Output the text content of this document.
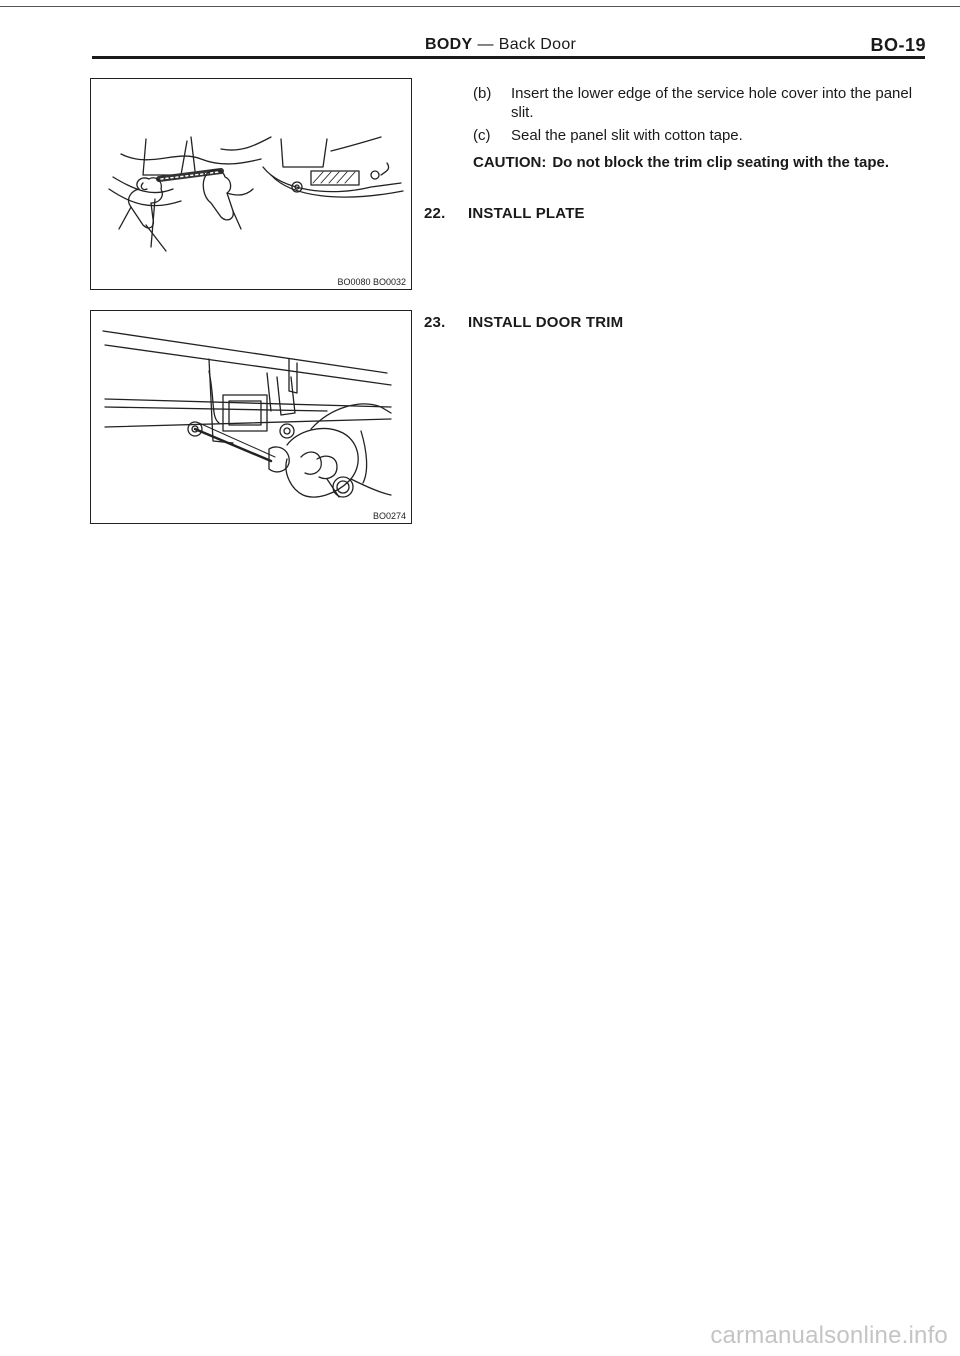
BODY — Back Door	BO-19
BO0080 BO0032
BO0274
(b) Insert the lower edge of the service hole cover into the panel slit.
(c) Seal the panel slit with cotton tape.
CAUTION: Do not block the trim clip seating with the tape.
22. INSTALL PLATE
23. INSTALL DOOR TRIM
carmanualsonline.info
